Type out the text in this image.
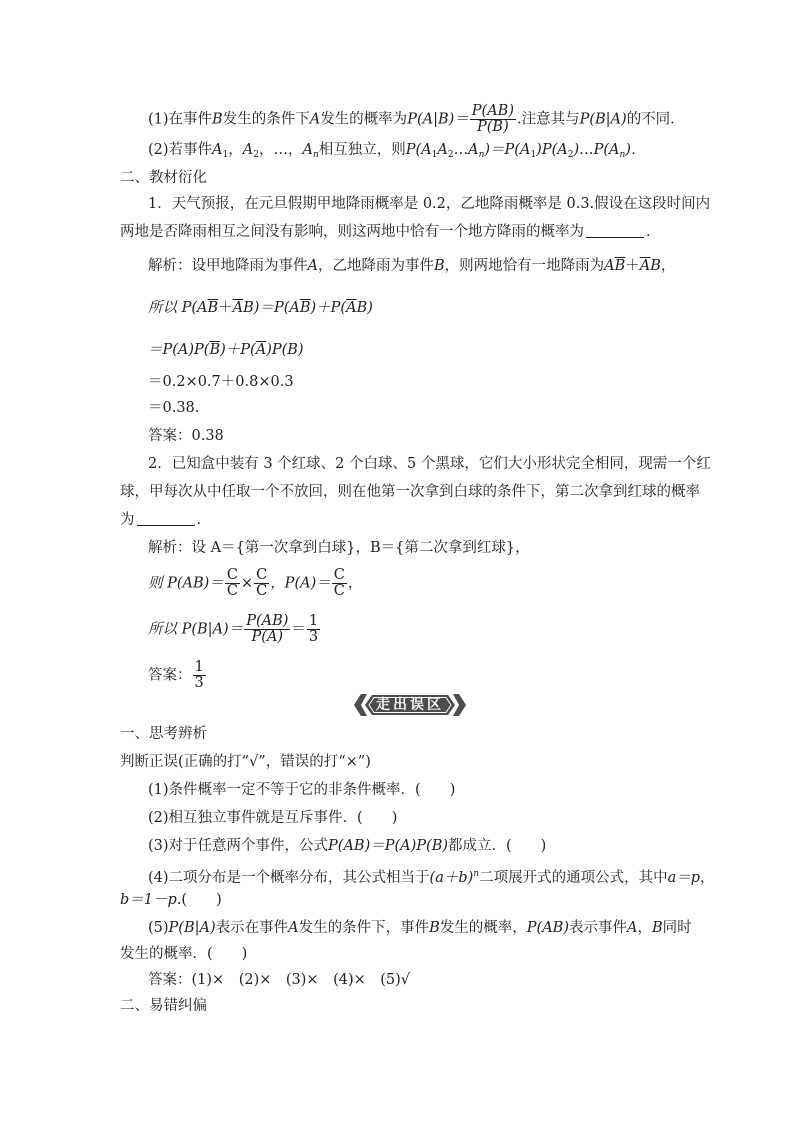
(1)在事件B发生的条件下A发生的概率为$P(A|B)= \frac{P(AB)}{P(B)}$ .注意其与P(B|A)的不同．
(2)若事件$A_1$，$A_2$，…，$A_n$相互独立，则$P(A_1A_2\dots A_n)=P(A_1)P(A_2)\dots P(A_n)$．
二、教材衍化
1．天气预报，在元旦假期甲地降雨概率是 0.2，乙地降雨概率是 0.3.假设在这段时间内
两地是否降雨相互之间没有影响，则这两地中恰有一个地方降雨的概率为	．
解析：设甲地降雨为事件A，乙地降雨为事件B，则两地恰有一地降雨为$A\overline{B}+\overline{A}B$，
所以 $P(A\overline{B}+\overline{A}B)=P(A\overline{B})+P(\overline{A}B)$
$=P(A)P(\overline{B})+P(\overline{A})P(B)$
＝0.2×0.7＋0.8×0.3
＝0.38.
答案：0.38
2．已知盒中装有 3 个红球、2 个白球、5 个黑球，它们大小形状完全相同，现需一个红
球，甲每次从中任取一个不放回，则在他第一次拿到白球的条件下，第二次拿到红球的概率
为	．
解析：设 A＝{第一次拿到白球}，B＝{第二次拿到红球}，
则 $P(AB)= \frac{C}{C} \times \frac{C}{C}$ ，$P(A)= \frac{C}{C}$ ，
所以 $P(B|A)= \frac{P(AB)}{P(A)} = \frac{1}{3}$
答案： $\frac{1}{3}$
走出误区
一、思考辨析
判断正误(正确的打“√”，错误的打“×”)
(1)条件概率一定不等于它的非条件概率．(　　)
(2)相互独立事件就是互斥事件．(　　)
(3)对于任意两个事件，公式P(AB)＝P(A)P(B)都成立．(　　)
(4)二项分布是一个概率分布，其公式相当于$(a+b)^n$二项展开式的通项公式，其中a＝p，
b＝1－p.(　　)
(5)P(B|A)表示在事件A发生的条件下，事件B发生的概率，P(AB)表示事件A，B同时
发生的概率．(　　)
答案：(1)×　(2)×　(3)×　(4)×　(5)√
二、易错纠偏
